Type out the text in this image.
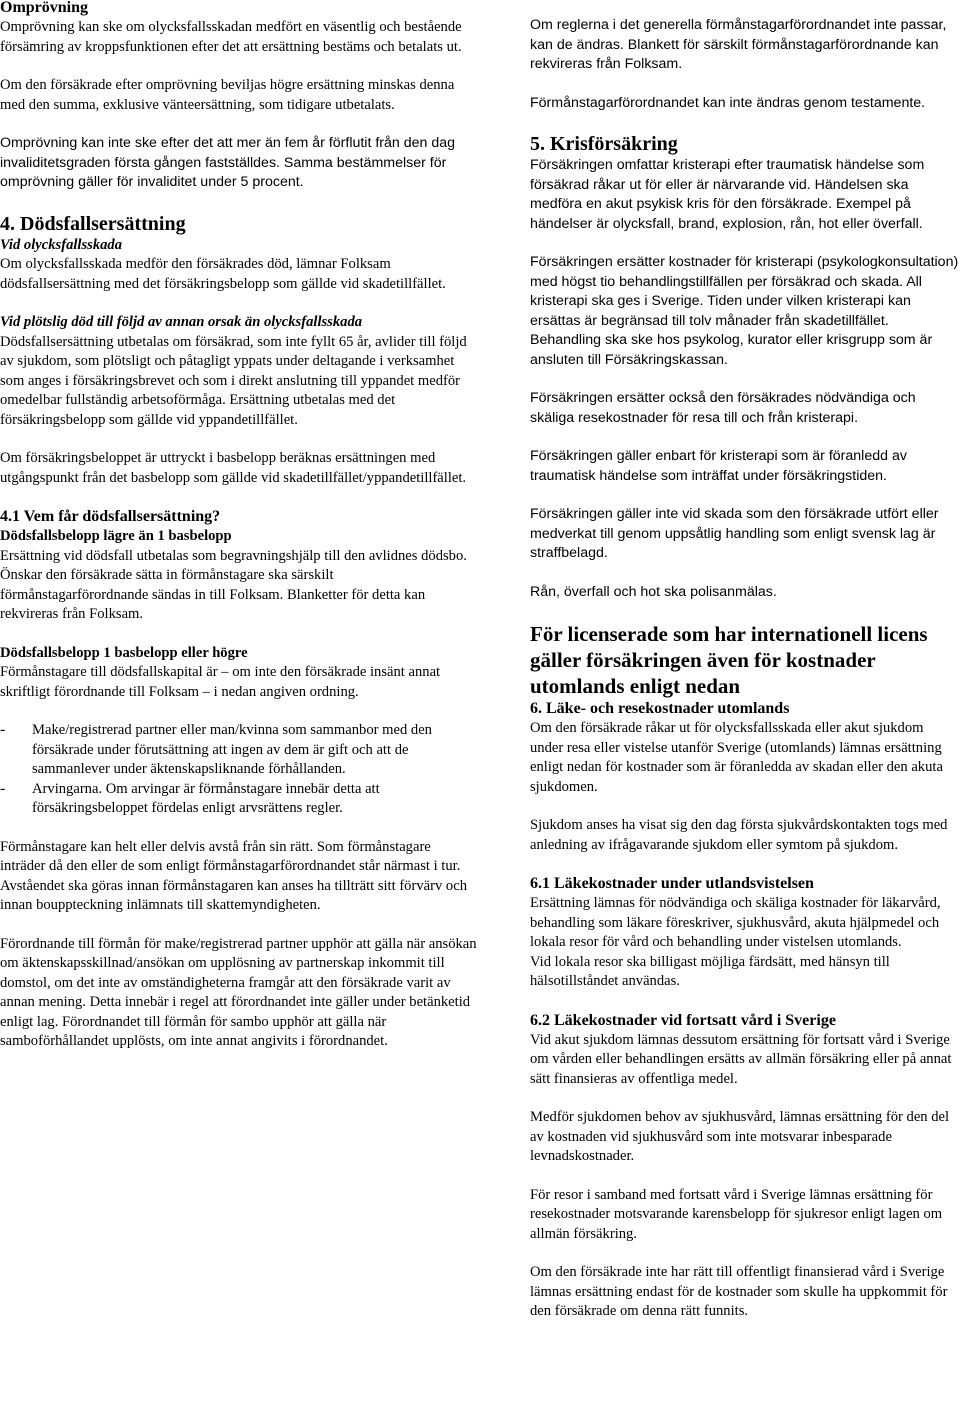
Omprövning

Omprövning kan ske om olycksfallsskadan medfört en väsentlig och bestående försämring av kroppsfunktionen efter det att ersättning bestäms och betalats ut.

Om den försäkrade efter omprövning beviljas högre ersättning minskas denna med den summa, exklusive vänteersättning, som tidigare utbetalats.

Omprövning kan inte ske efter det att mer än fem år förflutit från den dag invaliditetsgraden första gången fastställdes. Samma bestämmelser för omprövning gäller för invaliditet under 5 procent.

4. Dödsfallsersättning

Vid olycksfallsskada

Om olycksfallsskada medför den försäkrades död, lämnar Folksam dödsfallsersättning med det försäkringsbelopp som gällde vid skadetillfället.

Vid plötslig död till följd av annan orsak än olycksfallsskada

Dödsfallsersättning utbetalas om försäkrad, som inte fyllt 65 år, avlider till följd av sjukdom, som plötsligt och påtagligt yppats under deltagande i verksamhet som anges i försäkringsbrevet och som i direkt anslutning till yppandet medför omedelbar fullständig arbetsoförmåga. Ersättning utbetalas med det försäkringsbelopp som gällde vid yppandetillfället.

Om försäkringsbeloppet är uttryckt i basbelopp beräknas ersättningen med utgångspunkt från det basbelopp som gällde vid skadetillfället/yppandetillfället.

4.1 Vem får dödsfallsersättning?
Dödsfallsbelopp lägre än 1 basbelopp

Ersättning vid dödsfall utbetalas som begravningshjälp till den avlidnes dödsbo.

Önskar den försäkrade sätta in förmånstagare ska särskilt förmånstagarförordnande sändas in till Folksam. Blanketter för detta kan rekvireras från Folksam.

Dödsfallsbelopp 1 basbelopp eller högre

Förmånstagare till dödsfallskapital är – om inte den försäkrade insänt annat skriftligt förordnande till Folksam – i nedan angiven ordning.

-	Make/registrerad partner eller man/kvinna som sammanbor med den försäkrade under förutsättning att ingen av dem är gift och att de sammanlever under äktenskapsliknande förhållanden.

-	Arvingarna. Om arvingar är förmånstagare innebär detta att försäkringsbeloppet fördelas enligt arvsrättens regler.

Förmånstagare kan helt eller delvis avstå från sin rätt. Som förmånstagare inträder då den eller de som enligt förmånstagarförordnandet står närmast i tur. Avståendet ska göras innan förmånstagaren kan anses ha tillträtt sitt förvärv och innan bouppteckning inlämnats till skattemyndigheten.

Förordnande till förmån för make/registrerad partner upphör att gälla när ansökan om äktenskapsskillnad/ansökan om upplösning av partnerskap inkommit till domstol, om det inte av omständigheterna framgår att den försäkrade varit av annan mening. Detta innebär i regel att förordnandet inte gäller under betänketid enligt lag. Förordnandet till förmån för sambo upphör att gälla när samboförhållandet upplösts, om inte annat angivits i förordnandet.

Om reglerna i det generella förmånstagarförordnandet inte passar, kan de ändras. Blankett för särskilt förmånstagarförordnande kan rekvireras från Folksam.

Förmånstagarförordnandet kan inte ändras genom testamente.

5. Krisförsäkring

Försäkringen omfattar kristerapi efter traumatisk händelse som försäkrad råkar ut för eller är närvarande vid. Händelsen ska medföra en akut psykisk kris för den försäkrade. Exempel på händelser är olycksfall, brand, explosion, rån, hot eller överfall.

Försäkringen ersätter kostnader för kristerapi (psykologkonsultation) med högst tio behandlingstillfällen per försäkrad och skada. All kristerapi ska ges i Sverige. Tiden under vilken kristerapi kan ersättas är begränsad till tolv månader från skadetillfället. Behandling ska ske hos psykolog, kurator eller krisgrupp som är ansluten till Försäkringskassan.

Försäkringen ersätter också den försäkrades nödvändiga och skäliga resekostnader för resa till och från kristerapi.

Försäkringen gäller enbart för kristerapi som är föranledd av traumatisk händelse som inträffat under försäkringstiden.

Försäkringen gäller inte vid skada som den försäkrade utfört eller medverkat till genom uppsåtlig handling som enligt svensk lag är straffbelagd.

Rån, överfall och hot ska polisanmälas.

För licenserade som har internationell licens gäller försäkringen även för kostnader utomlands enligt nedan
6. Läke- och resekostnader utomlands

Om den försäkrade råkar ut för olycksfallsskada eller akut sjukdom under resa eller vistelse utanför Sverige (utomlands) lämnas ersättning enligt nedan för kostnader som är föranledda av skadan eller den akuta sjukdomen.

Sjukdom anses ha visat sig den dag första sjukvårdskontakten togs med anledning av ifrågavarande sjukdom eller symtom på sjukdom.

6.1 Läkekostnader under utlandsvistelsen

Ersättning lämnas för nödvändiga och skäliga kostnader för läkarvård, behandling som läkare föreskriver, sjukhusvård, akuta hjälpmedel och lokala resor för vård och behandling under vistelsen utomlands.

Vid lokala resor ska billigast möjliga färdsätt, med hänsyn till hälsotillståndet användas.

6.2 Läkekostnader vid fortsatt vård i Sverige

Vid akut sjukdom lämnas dessutom ersättning för fortsatt vård i Sverige om vården eller behandlingen ersätts av allmän försäkring eller på annat sätt finansieras av offentliga medel.

Medför sjukdomen behov av sjukhusvård, lämnas ersättning för den del av kostnaden vid sjukhusvård som inte motsvarar inbesparade levnadskostnader.

För resor i samband med fortsatt vård i Sverige lämnas ersättning för resekostnader motsvarande karensbelopp för sjukresor enligt lagen om allmän försäkring.

Om den försäkrade inte har rätt till offentligt finansierad vård i Sverige lämnas ersättning endast för de kostnader som skulle ha uppkommit för den försäkrade om denna rätt funnits.
